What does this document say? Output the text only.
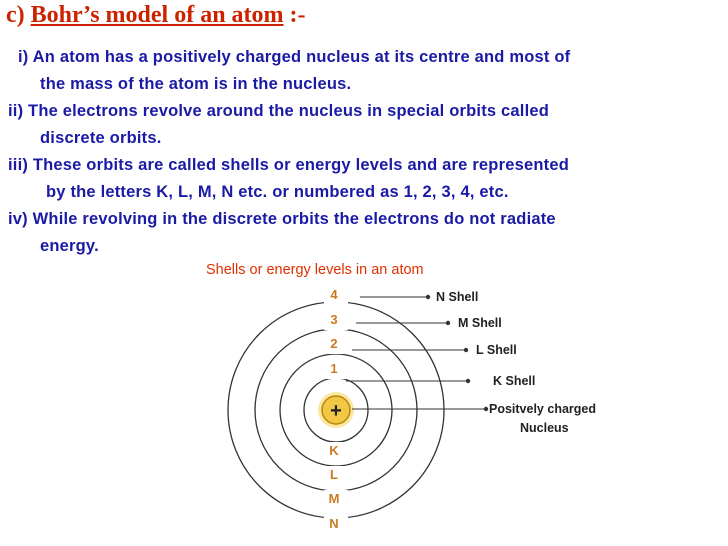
c) Bohr’s model of an atom :-
i) An atom has a positively charged nucleus at its centre and most of
the mass of the atom is in the nucleus.
ii) The electrons revolve around the nucleus in special orbits called
discrete orbits.
iii) These orbits are called shells or energy levels and are represented
by the letters K, L, M, N etc. or numbered as 1, 2, 3, 4, etc.
iv) While revolving in the discrete orbits the electrons do not radiate
energy.
Shells or energy levels in an atom
4
3
2
1
K
L
M
N
+
N Shell
M Shell
L Shell
K Shell
Positvely charged
Nucleus
